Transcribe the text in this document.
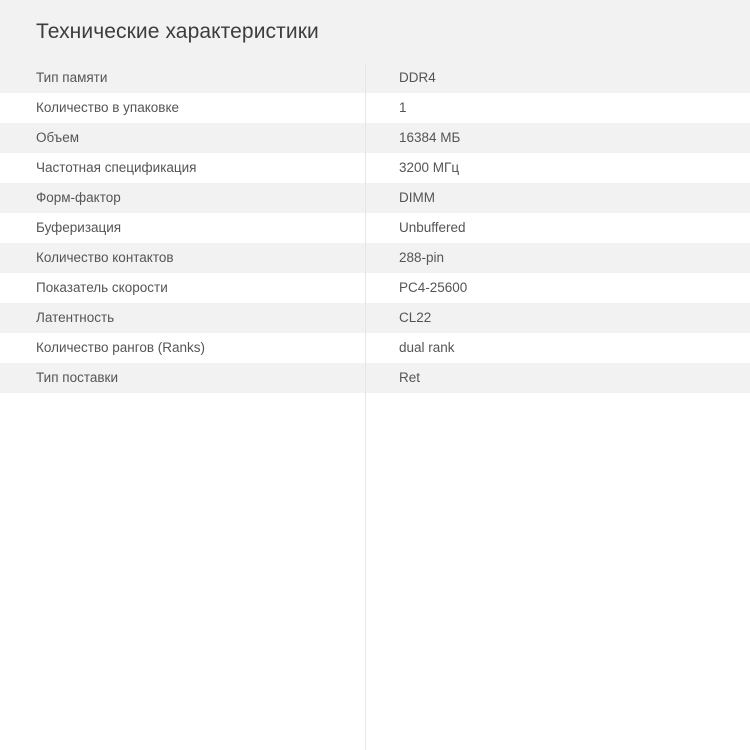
Технические характеристики
Тип памяти	DDR4
Количество в упаковке	1
Объем	16384 МБ
Частотная спецификация	3200 МГц
Форм-фактор	DIMM
Буферизация	Unbuffered
Количество контактов	288-pin
Показатель скорости	PC4-25600
Латентность	CL22
Количество рангов (Ranks)	dual rank
Тип поставки	Ret
